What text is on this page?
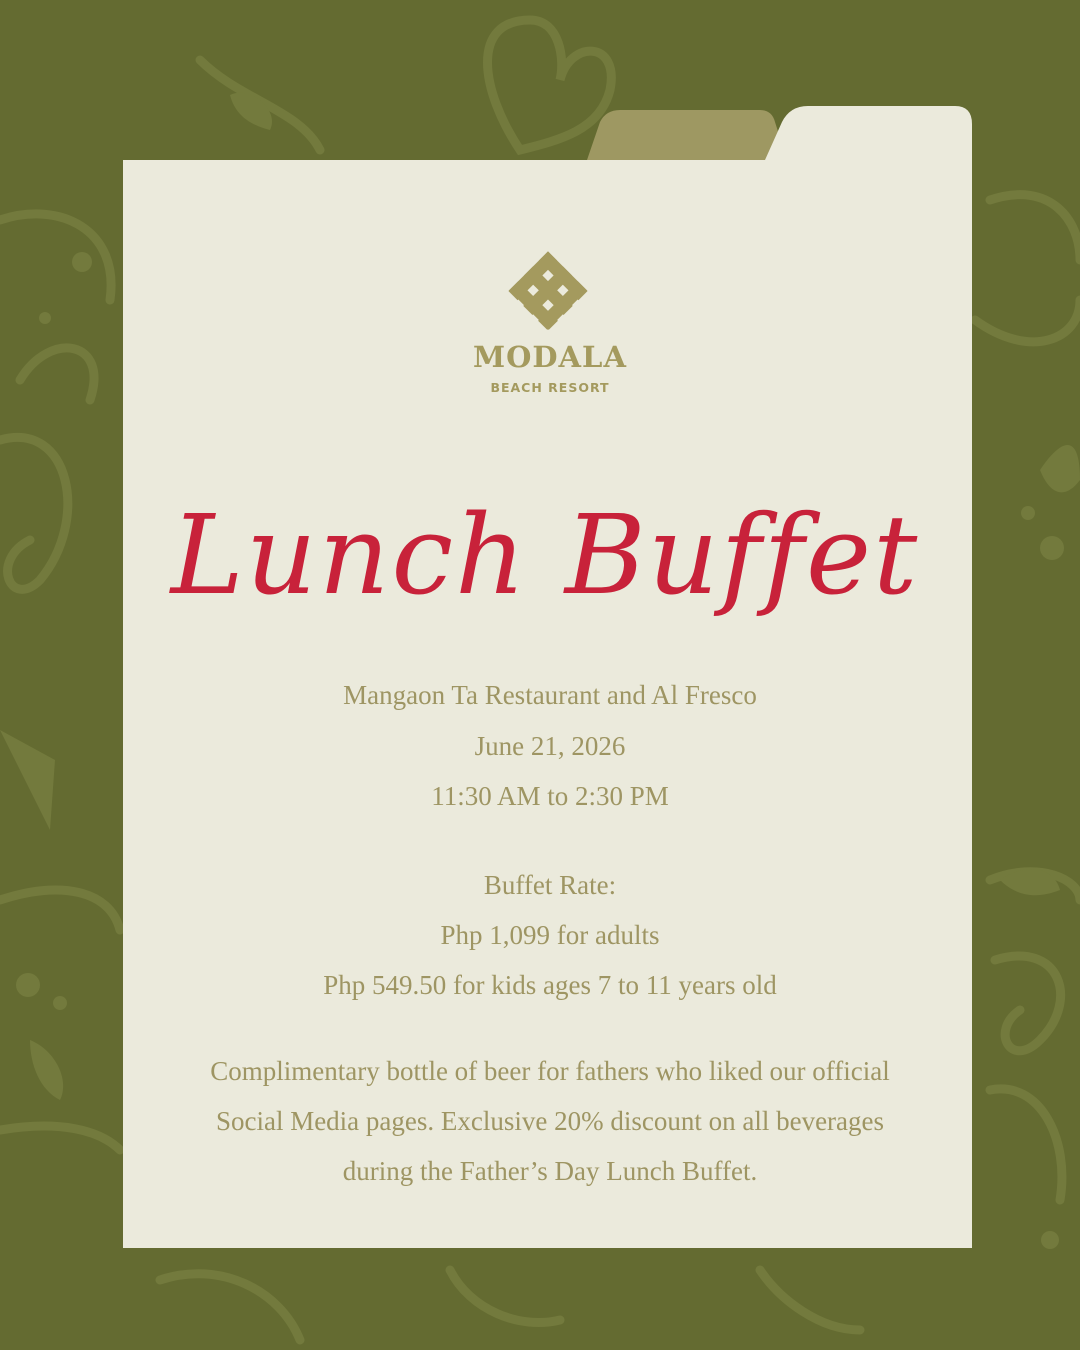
MODALA
BEACH RESORT
Lunch Buffet
Mangaon Ta Restaurant and Al Fresco
June 21, 2026
11:30 AM to 2:30 PM
Buffet Rate:
Php 1,099 for adults
Php 549.50 for kids ages 7 to 11 years old
Complimentary bottle of beer for fathers who liked our official
Social Media pages. Exclusive 20% discount on all beverages
during the Father’s Day Lunch Buffet.
